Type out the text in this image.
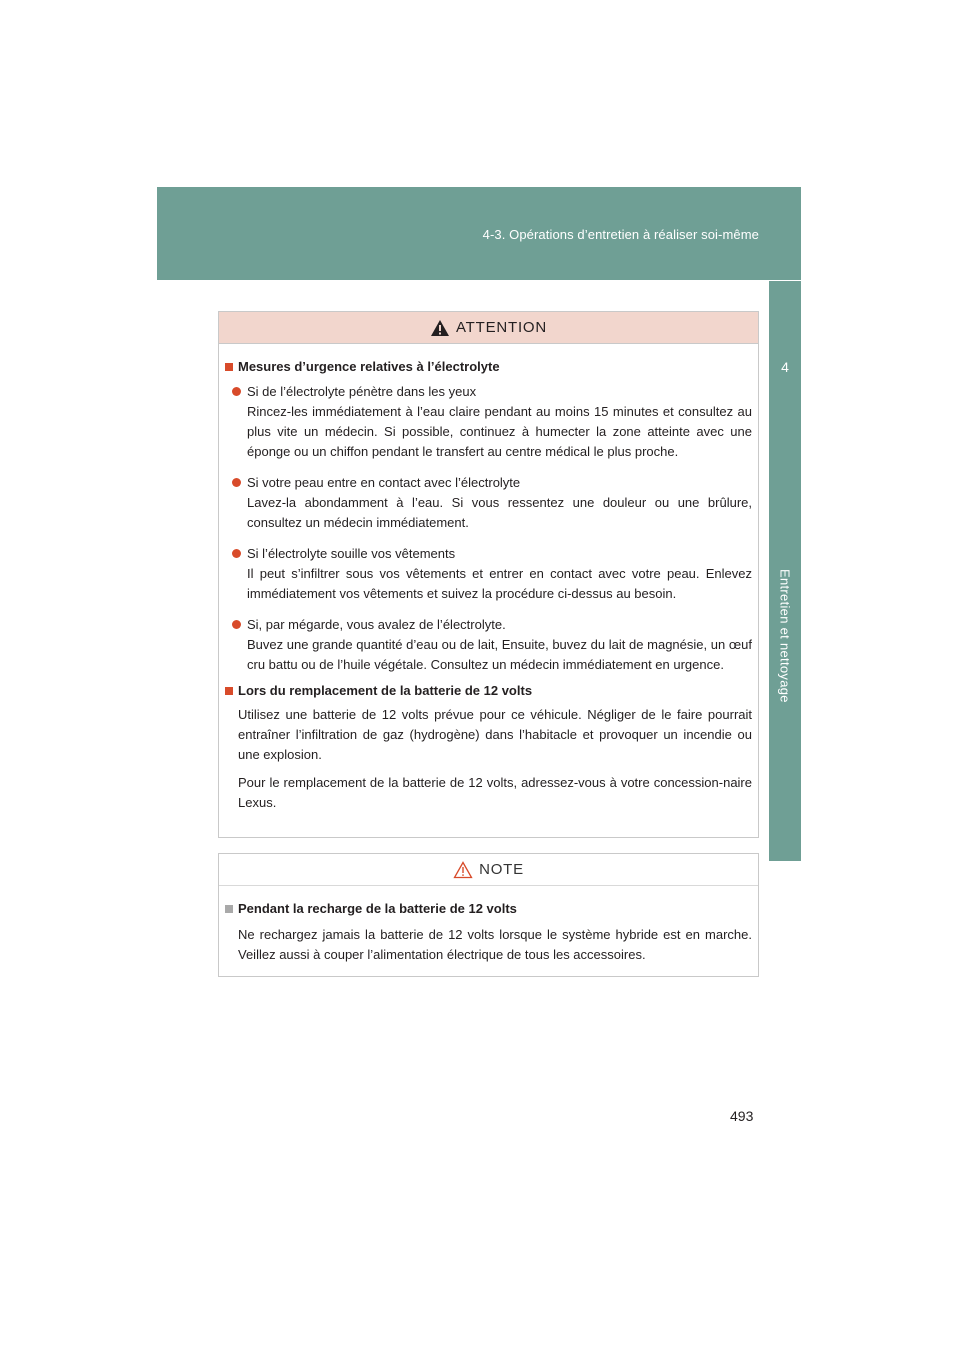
4-3. Opérations d’entretien à réaliser soi-même
4
Entretien et nettoyage
ATTENTION
Mesures d’urgence relatives à l’électrolyte

Si de l’électrolyte pénètre dans les yeux

Rincez-les immédiatement à l’eau claire pendant au moins 15 minutes et consultez au plus vite un médecin. Si possible, continuez à humecter la zone atteinte avec une éponge ou un chiffon pendant le transfert au centre médical le plus proche.

Si votre peau entre en contact avec l’électrolyte

Lavez-la abondamment à l’eau. Si vous ressentez une douleur ou une brûlure, consultez un médecin immédiatement.

Si l’électrolyte souille vos vêtements

Il peut s’infiltrer sous vos vêtements et entrer en contact avec votre peau. Enlevez immédiatement vos vêtements et suivez la procédure ci-dessus au besoin.

Si, par mégarde, vous avalez de l’électrolyte.

Buvez une grande quantité d’eau ou de lait, Ensuite, buvez du lait de magnésie, un œuf cru battu ou de l’huile végétale. Consultez un médecin immédiatement en urgence.

Lors du remplacement de la batterie de 12 volts

Utilisez une batterie de 12 volts prévue pour ce véhicule. Négliger de le faire pourrait entraîner l’infiltration de gaz (hydrogène) dans l’habitacle et provoquer un incendie ou une explosion.

Pour le remplacement de la batterie de 12 volts, adressez-vous à votre concession-naire Lexus.

NOTE
Pendant la recharge de la batterie de 12 volts

Ne rechargez jamais la batterie de 12 volts lorsque le système hybride est en marche. Veillez aussi à couper l’alimentation électrique de tous les accessoires.

493
